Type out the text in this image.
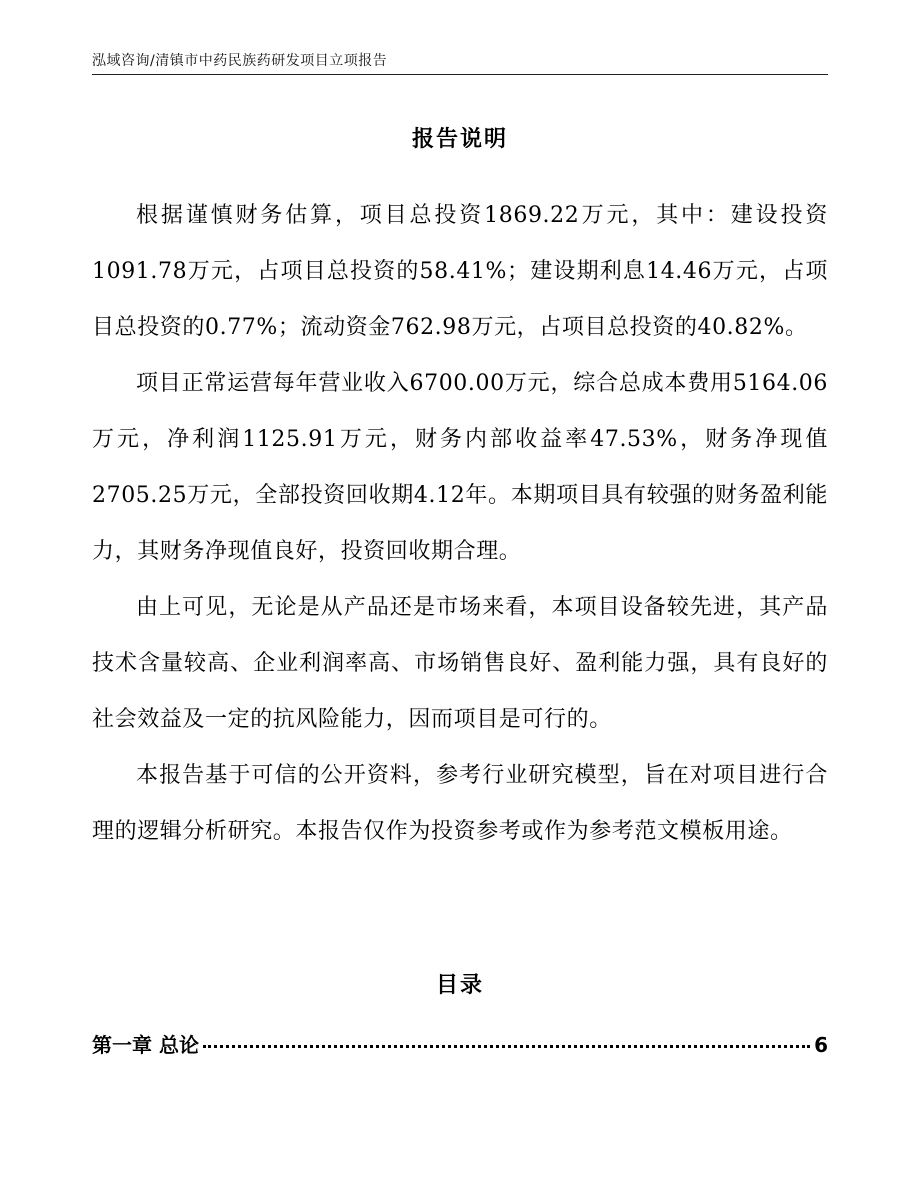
泓域咨询/清镇市中药民族药研发项目立项报告
报告说明

根据谨慎财务估算，项目总投资1869.22万元，其中：建设投资1091.78万元，占项目总投资的58.41%；建设期利息14.46万元，占项目总投资的0.77%；流动资金762.98万元，占项目总投资的40.82%。

项目正常运营每年营业收入6700.00万元，综合总成本费用5164.06万元，净利润1125.91万元，财务内部收益率47.53%，财务净现值2705.25万元，全部投资回收期4.12年。本期项目具有较强的财务盈利能力，其财务净现值良好，投资回收期合理。

由上可见，无论是从产品还是市场来看，本项目设备较先进，其产品技术含量较高、企业利润率高、市场销售良好、盈利能力强，具有良好的社会效益及一定的抗风险能力，因而项目是可行的。

本报告基于可信的公开资料，参考行业研究模型，旨在对项目进行合理的逻辑分析研究。本报告仅作为投资参考或作为参考范文模板用途。

目录
第一章 总论	6
